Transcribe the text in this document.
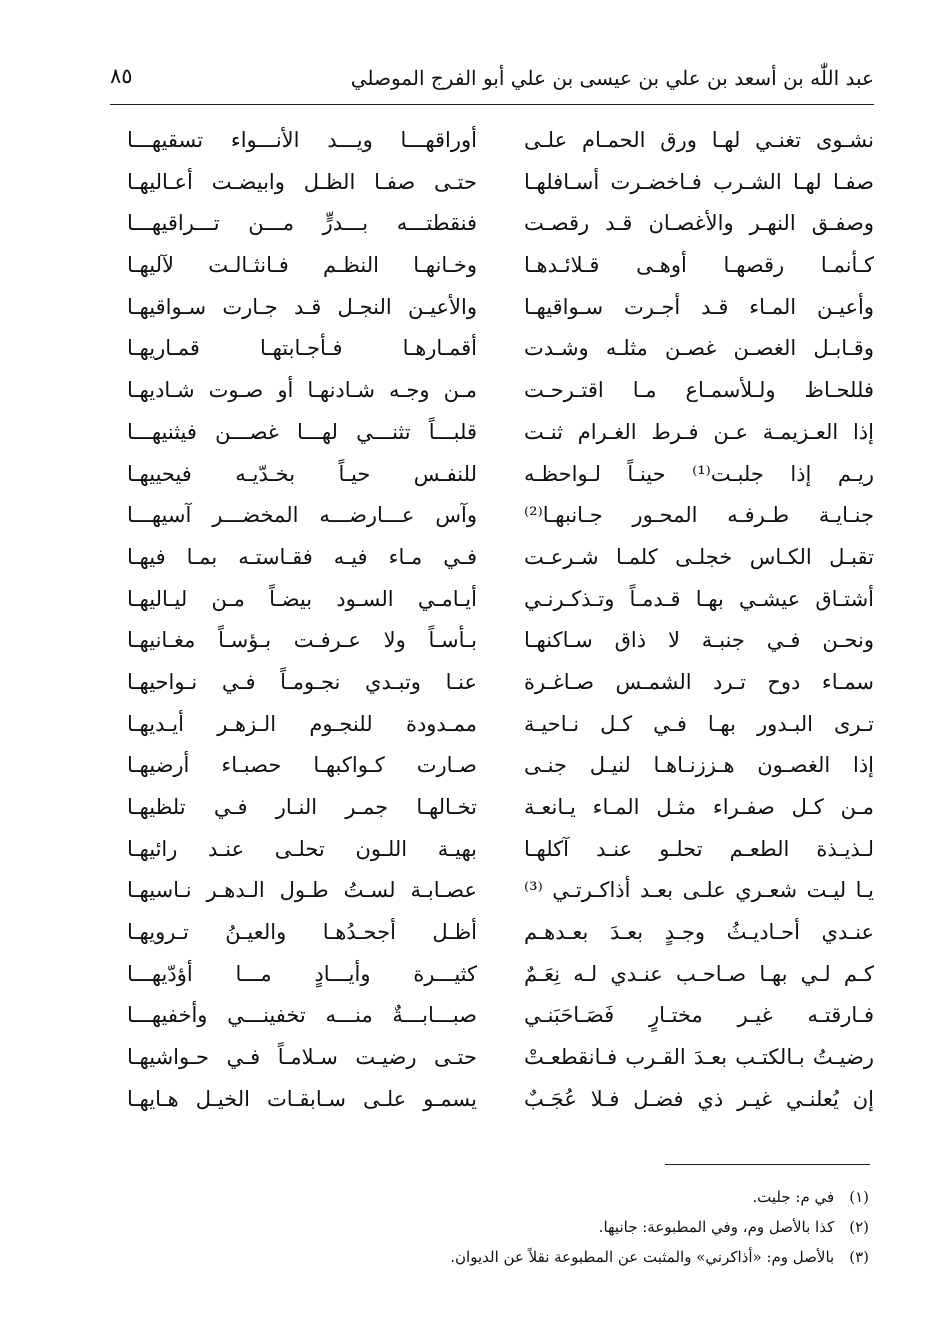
عبد اللّٰه بن أسعد بن علي بن عيسى بن علي أبو الفرج الموصلي
٨٥
نشـوى تغنـي لهـا ورق الحمـام علـى
أوراقهـــا ويـــد الأنـــواء تسقيهـــا
صفـا لهـا الشـرب فـاخضـرت أسـافلهـا
حتـى صفـا الظـل وابيضـت أعـاليهـا
وصفـق النهـر والأغصـان قـد رقصـت
فنقطتـــه بـــدرٍّ مـــن تـــراقيهـــا
كـأنمـا رقصهـا أوهـى قـلائـدهـا
وخـانهـا النظـم فـانثـالـت لآليهـا
وأعيـن المـاء قـد أجـرت سـواقيهـا
والأعيـن النجـل قـد جـارت سـواقيهـا
وقـابـل الغصـن غصـن مثلـه وشـدت
أقمـارهـا فـأجـابتهـا قمـاريهـا
فللحـاظ ولـلأسمـاع مـا اقتـرحـت
مـن وجـه شـادنهـا أو صـوت شـاديهـا
إذا العـزيمـة عـن فـرط الغـرام ثنـت
قلبـــاً تثنـــي لهـــا غصـــن فيثنيهـــا
ريـم إذا جلبـت⁽¹⁾ حينـاً لـواحظـه
للنفـس حيـاً بخـدّيـه فيحييهـا
جنـايـة طـرفـه المحـور جـانبهـا⁽²⁾
وآس عـــارضـــه المخضـــر آسيهـــا
تقبـل الكـاس خجلـى كلمـا شـرعـت
فـي مـاء فيـه فقـاستـه بمـا فيهـا
أشتـاق عيشـي بهـا قـدمـاً وتـذكـرنـي
أيـامـي السـود بيضـاً مـن ليـاليهـا
ونحـن فـي جنبـة لا ذاق سـاكنهـا
بـأسـاً ولا عـرفـت بـؤسـاً مغـانيهـا
سمـاء دوح تـرد الشمـس صـاغـرة
عنـا وتبـدي نجـومـاً فـي نـواحيهـا
تـرى البـدور بهـا فـي كـل نـاحيـة
ممـدودة للنجـوم الـزهـر أيـديهـا
إذا الغصـون هـززنـاهـا لنيـل جنـى
صـارت كـواكبهـا حصبـاء أرضيهـا
مـن كـل صفـراء مثـل المـاء يـانعـة
تخـالهـا جمـر النـار فـي تلظيهـا
لـذيـذة الطعـم تحلـو عنـد آكلهـا
بهيـة اللـون تحلـى عنـد رائيهـا
يـا ليـت شعـري علـى بعـد أذاكـرتـي ⁽³⁾
عصـابـة لسـتُ طـول الـدهـر نـاسيهـا
عنـدي أحـاديـثُ وجـدٍ بعـدَ بعـدهـم
أظـل أجحـدُهـا والعيـنُ تـرويهـا
كـم لـي بهـا صـاحـب عنـدي لـه نِعَـمٌ
كثيـــرة وأيـــادٍ مـــا أؤدّيهـــا
فـارقتـه غيـر مختـارٍ فَصَـاحَبَنـي
صبـــابـــةٌ منـــه تخفينـــي وأخفيهـــا
رضيـتُ بـالكتـب بعـدَ القـرب فـانقطعـتْ
حتـى رضيـت سـلامـاً فـي حـواشيهـا
إن يُعلنـي غيـر ذي فضـل فـلا عُجَـبٌ
يسمـو علـى سـابقـات الخيـل هـايهـا
(١) في م: جليت.
(٢) كذا بالأصل وم، وفي المطبوعة: جانيها.
(٣) بالأصل وم: «أذاكرني» والمثبت عن المطبوعة نقلاً عن الديوان.
